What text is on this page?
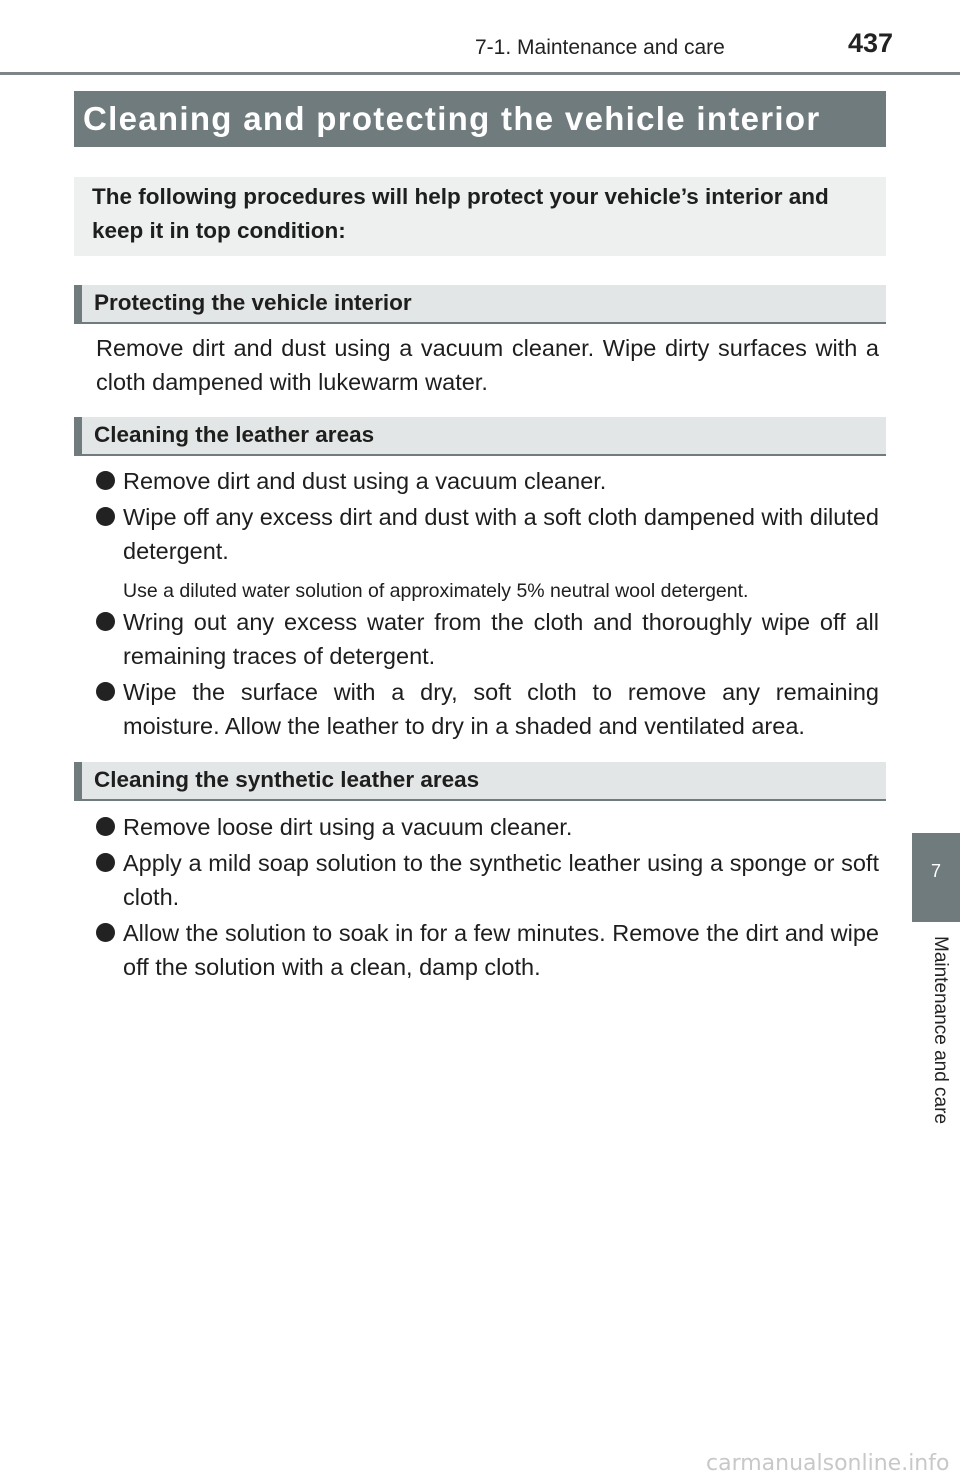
7-1. Maintenance and care	437
Cleaning and protecting the vehicle interior
The following procedures will help protect your vehicle’s interior and keep it in top condition:
Protecting the vehicle interior
Remove dirt and dust using a vacuum cleaner. Wipe dirty surfaces with a cloth dampened with lukewarm water.
Cleaning the leather areas
Remove dirt and dust using a vacuum cleaner.
Wipe off any excess dirt and dust with a soft cloth dampened with diluted detergent.
Use a diluted water solution of approximately 5% neutral wool detergent.
Wring out any excess water from the cloth and thoroughly wipe off all remaining traces of detergent.
Wipe the surface with a dry, soft cloth to remove any remaining moisture. Allow the leather to dry in a shaded and ventilated area.
Cleaning the synthetic leather areas
Remove loose dirt using a vacuum cleaner.
Apply a mild soap solution to the synthetic leather using a sponge or soft cloth.
Allow the solution to soak in for a few minutes. Remove the dirt and wipe off the solution with a clean, damp cloth.
7
Maintenance and care
carmanualsonline.info
